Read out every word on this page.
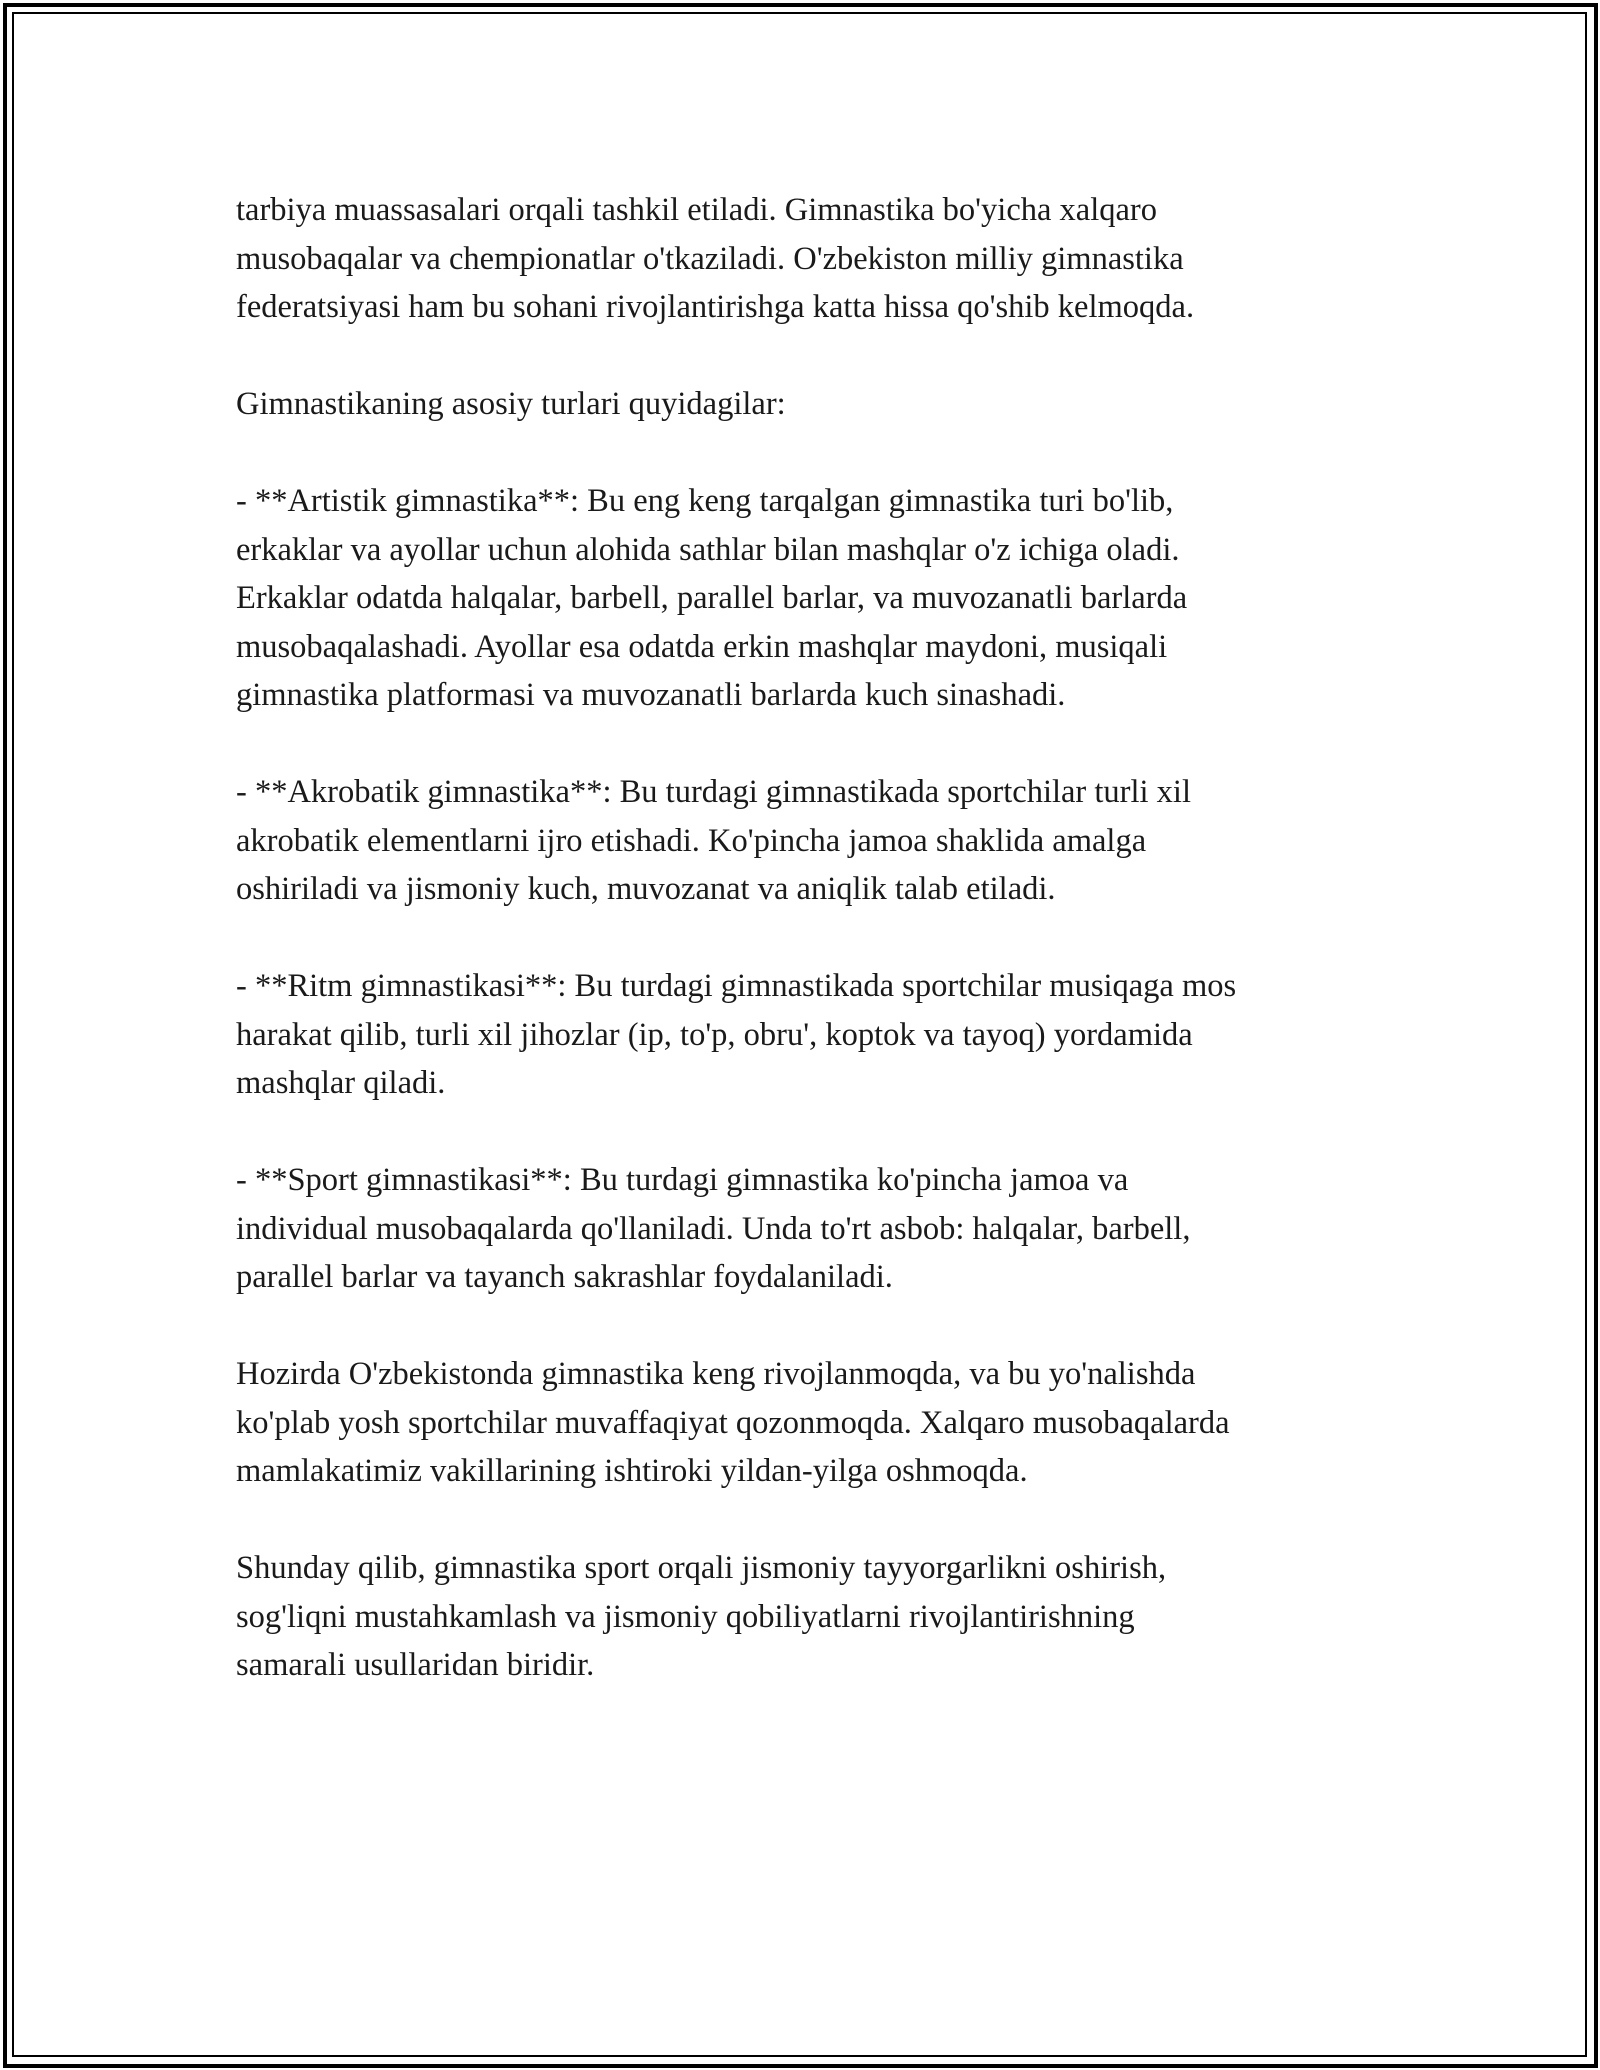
tarbiya muassasalari orqali tashkil etiladi. Gimnastika bo'yicha xalqaro
musobaqalar va chempionatlar o'tkaziladi. O'zbekiston milliy gimnastika
federatsiyasi ham bu sohani rivojlantirishga katta hissa qo'shib kelmoqda.

Gimnastikaning asosiy turlari quyidagilar:

- **Artistik gimnastika**: Bu eng keng tarqalgan gimnastika turi bo'lib,
erkaklar va ayollar uchun alohida sathlar bilan mashqlar o'z ichiga oladi.
Erkaklar odatda halqalar, barbell, parallel barlar, va muvozanatli barlarda
musobaqalashadi. Ayollar esa odatda erkin mashqlar maydoni, musiqali
gimnastika platformasi va muvozanatli barlarda kuch sinashadi.

- **Akrobatik gimnastika**: Bu turdagi gimnastikada sportchilar turli xil
akrobatik elementlarni ijro etishadi. Ko'pincha jamoa shaklida amalga
oshiriladi va jismoniy kuch, muvozanat va aniqlik talab etiladi.

- **Ritm gimnastikasi**: Bu turdagi gimnastikada sportchilar musiqaga mos
harakat qilib, turli xil jihozlar (ip, to'p, obru', koptok va tayoq) yordamida
mashqlar qiladi.

- **Sport gimnastikasi**: Bu turdagi gimnastika ko'pincha jamoa va
individual musobaqalarda qo'llaniladi. Unda to'rt asbob: halqalar, barbell,
parallel barlar va tayanch sakrashlar foydalaniladi.

Hozirda O'zbekistonda gimnastika keng rivojlanmoqda, va bu yo'nalishda
ko'plab yosh sportchilar muvaffaqiyat qozonmoqda. Xalqaro musobaqalarda
mamlakatimiz vakillarining ishtiroki yildan-yilga oshmoqda.

Shunday qilib, gimnastika sport orqali jismoniy tayyorgarlikni oshirish,
sog'liqni mustahkamlash va jismoniy qobiliyatlarni rivojlantirishning
samarali usullaridan biridir.
